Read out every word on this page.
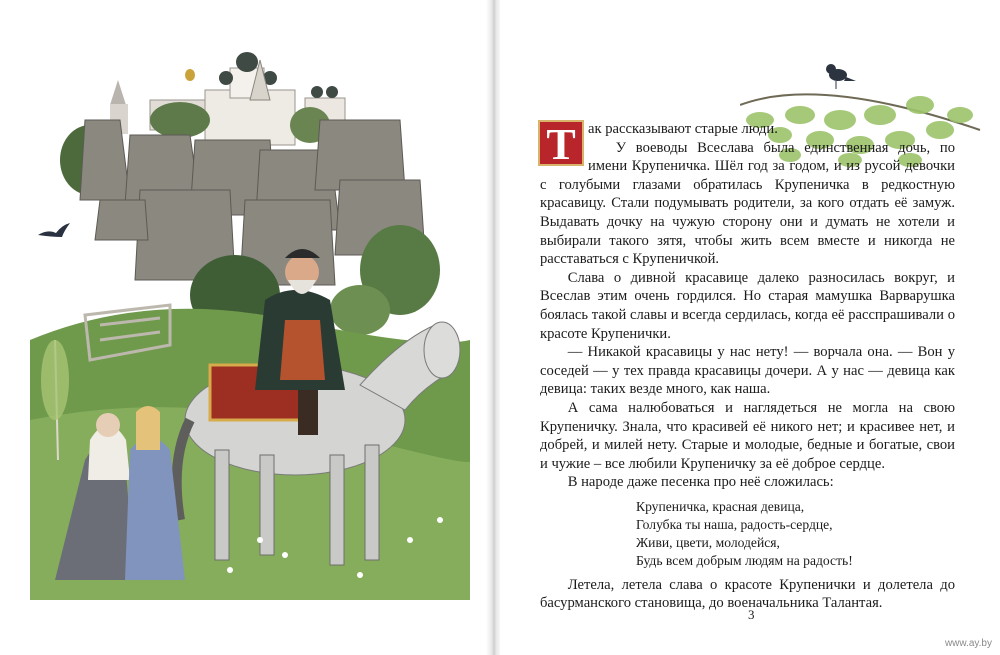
Т ак рассказывают старые люди.

У воеводы Всеслава была единственная дочь, по имени Крупеничка. Шёл год за годом, и из русой девочки с голубыми глазами обратилась Крупеничка в редкостную красавицу. Стали подумывать родители, за кого отдать её замуж. Выдавать дочку на чужую сторону они и думать не хотели и выбирали такого зятя, чтобы жить всем вместе и никогда не расставаться с Крупеничкой.

Слава о дивной красавице далеко разносилась вокруг, и Всеслав этим очень гордился. Но старая мамушка Варварушка боялась такой славы и всегда сердилась, когда её расспрашивали о красоте Крупенички.

— Никакой красавицы у нас нету! — ворчала она. — Вон у соседей — у тех правда красавицы дочери. А у нас — девица как девица: таких везде много, как наша.

А сама налюбоваться и наглядеться не могла на свою Крупеничку. Знала, что красивей её никого нет; и красивее нет, и добрей, и милей нету. Старые и молодые, бедные и богатые, свои и чужие – все любили Крупеничку за её доброе сердце.

В народе даже песенка про неё сложилась:

Крупеничка, красная девица,
Голубка ты наша, радость-сердце,
Живи, цвети, молодейся,
Будь всем добрым людям на радость!

Летела, летела слава о красоте Крупенички и долетела до басурманского становища, до военачальника Талантая.

3
www.ay.by
